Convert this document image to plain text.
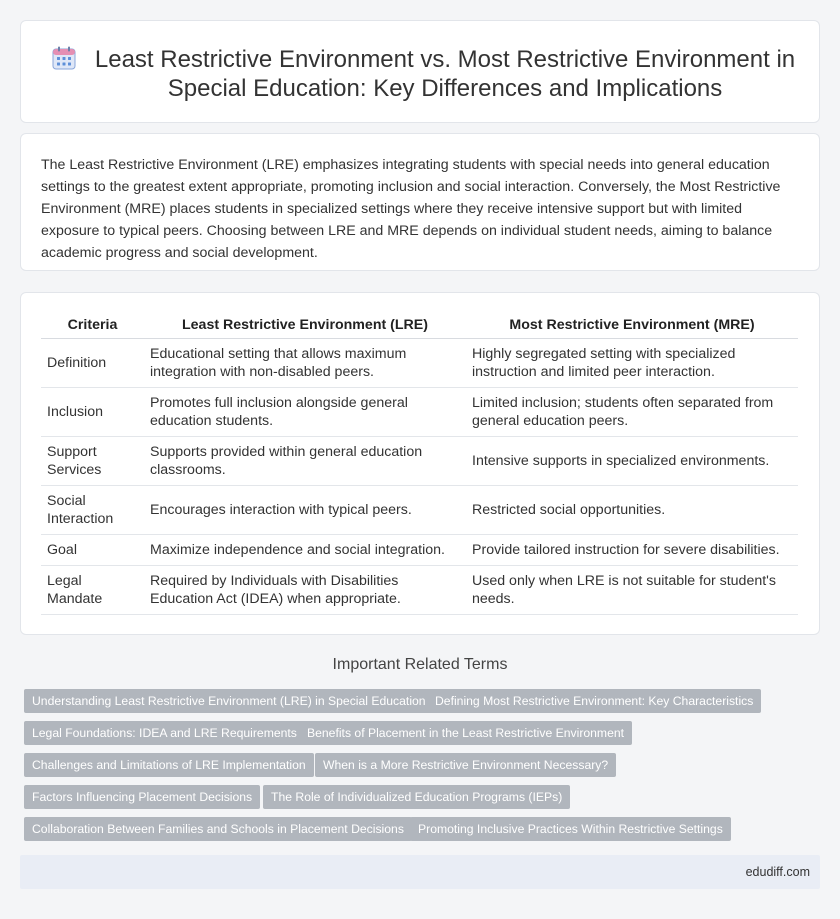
Least Restrictive Environment vs. Most Restrictive Environment in Special Education: Key Differences and Implications

The Least Restrictive Environment (LRE) emphasizes integrating students with special needs into general education settings to the greatest extent appropriate, promoting inclusion and social interaction. Conversely, the Most Restrictive Environment (MRE) places students in specialized settings where they receive intensive support but with limited exposure to typical peers. Choosing between LRE and MRE depends on individual student needs, aiming to balance academic progress and social development.

Criteria	Least Restrictive Environment (LRE)	Most Restrictive Environment (MRE)
Definition	Educational setting that allows maximum integration with non-disabled peers.	Highly segregated setting with specialized instruction and limited peer interaction.
Inclusion	Promotes full inclusion alongside general education students.	Limited inclusion; students often separated from general education peers.
Support Services	Supports provided within general education classrooms.	Intensive supports in specialized environments.
Social Interaction	Encourages interaction with typical peers.	Restricted social opportunities.
Goal	Maximize independence and social integration.	Provide tailored instruction for severe disabilities.
Legal Mandate	Required by Individuals with Disabilities Education Act (IDEA) when appropriate.	Used only when LRE is not suitable for student's needs.
Important Related Terms
Understanding Least Restrictive Environment (LRE) in Special Education Defining Most Restrictive Environment: Key Characteristics
Legal Foundations: IDEA and LRE Requirements Benefits of Placement in the Least Restrictive Environment
Challenges and Limitations of LRE Implementation	When is a More Restrictive Environment Necessary?
Factors Influencing Placement Decisions	The Role of Individualized Education Programs (IEPs)
Collaboration Between Families and Schools in Placement Decisions	Promoting Inclusive Practices Within Restrictive Settings
edudiff.com
